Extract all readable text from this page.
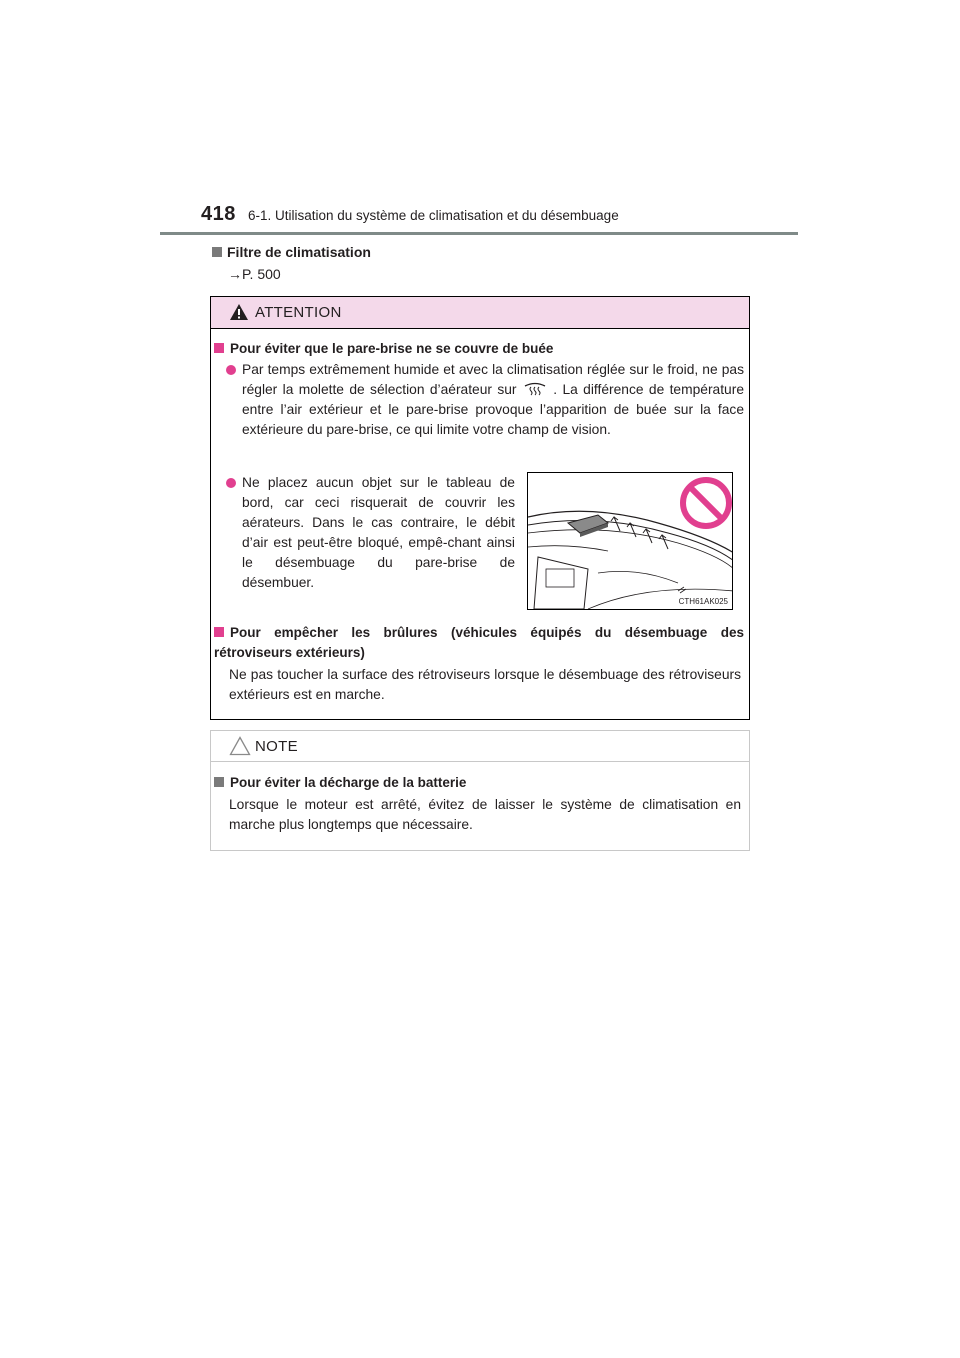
418 6-1. Utilisation du système de climatisation et du désembuage
Filtre de climatisation
→P. 500
ATTENTION
Pour éviter que le pare-brise ne se couvre de buée
Par temps extrêmement humide et avec la climatisation réglée sur le froid, ne pas régler la molette de sélection d’aérateur sur	. La différence de température entre l’air extérieur et le pare-brise provoque l’apparition de buée sur la face extérieure du pare-brise, ce qui limite votre champ de vision.
Ne placez aucun objet sur le tableau de bord, car ceci risquerait de couvrir les aérateurs. Dans le cas contraire, le débit d’air est peut-être bloqué, empê-chant ainsi le désembuage du pare-brise de désembuer.
CTH61AK025
Pour empêcher les brûlures (véhicules équipés du désembuage des rétroviseurs extérieurs)
Ne pas toucher la surface des rétroviseurs lorsque le désembuage des rétroviseurs extérieurs est en marche.
NOTE
Pour éviter la décharge de la batterie
Lorsque le moteur est arrêté, évitez de laisser le système de climatisation en marche plus longtemps que nécessaire.
